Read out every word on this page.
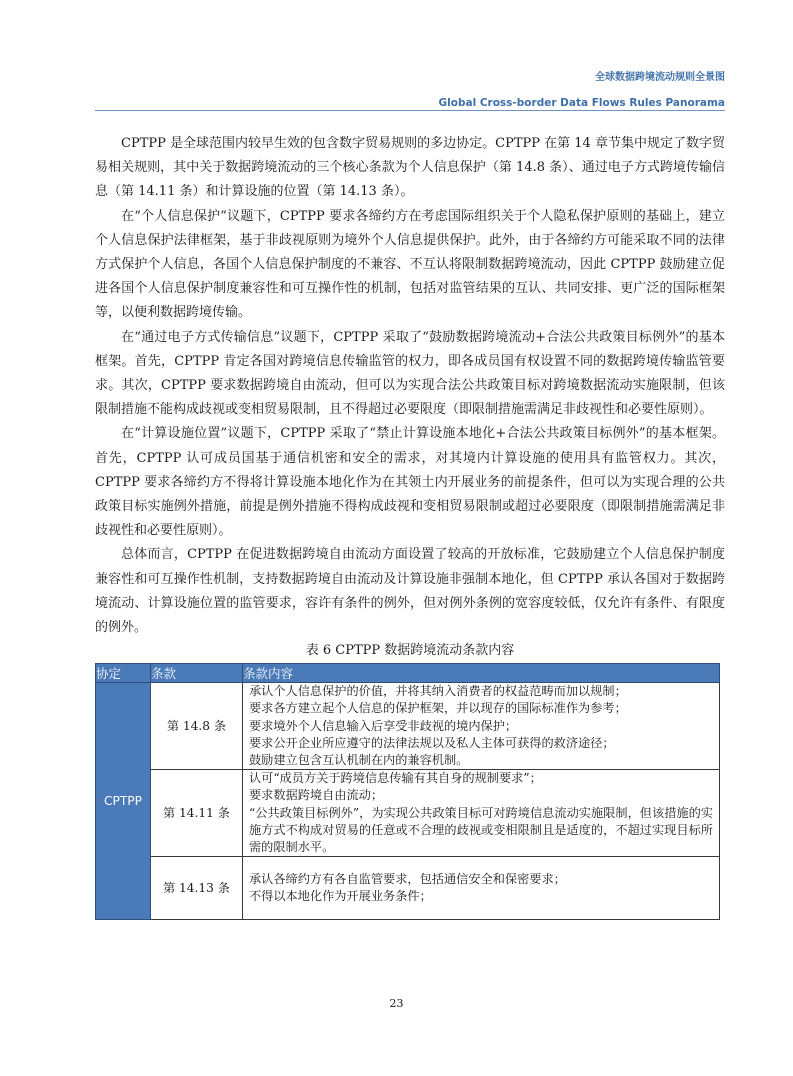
全球数据跨境流动规则全景图
Global Cross-border Data Flows Rules Panorama

CPTPP 是全球范围内较早生效的包含数字贸易规则的多边协定。CPTPP 在第 14 章节集中规定了数字贸易相关规则，其中关于数据跨境流动的三个核心条款为个人信息保护（第 14.8 条）、通过电子方式跨境传输信息（第 14.11 条）和计算设施的位置（第 14.13 条）。

在“个人信息保护”议题下，CPTPP 要求各缔约方在考虑国际组织关于个人隐私保护原则的基础上，建立个人信息保护法律框架，基于非歧视原则为境外个人信息提供保护。此外，由于各缔约方可能采取不同的法律方式保护个人信息，各国个人信息保护制度的不兼容、不互认将限制数据跨境流动，因此 CPTPP 鼓励建立促进各国个人信息保护制度兼容性和可互操作性的机制，包括对监管结果的互认、共同安排、更广泛的国际框架等，以便利数据跨境传输。

在“通过电子方式传输信息”议题下，CPTPP 采取了“鼓励数据跨境流动+合法公共政策目标例外”的基本框架。首先，CPTPP 肯定各国对跨境信息传输监管的权力，即各成员国有权设置不同的数据跨境传输监管要求。其次，CPTPP 要求数据跨境自由流动，但可以为实现合法公共政策目标对跨境数据流动实施限制，但该限制措施不能构成歧视或变相贸易限制，且不得超过必要限度（即限制措施需满足非歧视性和必要性原则）。

在“计算设施位置”议题下，CPTPP 采取了“禁止计算设施本地化+合法公共政策目标例外”的基本框架。首先，CPTPP 认可成员国基于通信机密和安全的需求，对其境内计算设施的使用具有监管权力。其次，CPTPP 要求各缔约方不得将计算设施本地化作为在其领土内开展业务的前提条件，但可以为实现合理的公共政策目标实施例外措施，前提是例外措施不得构成歧视和变相贸易限制或超过必要限度（即限制措施需满足非歧视性和必要性原则）。

总体而言，CPTPP 在促进数据跨境自由流动方面设置了较高的开放标准，它鼓励建立个人信息保护制度兼容性和可互操作性机制，支持数据跨境自由流动及计算设施非强制本地化，但 CPTPP 承认各国对于数据跨境流动、计算设施位置的监管要求，容许有条件的例外，但对例外条例的宽容度较低，仅允许有条件、有限度的例外。

表 6 CPTPP 数据跨境流动条款内容
协定	条款	条款内容
CPTPP	第 14.8 条	承认个人信息保护的价值，并将其纳入消费者的权益范畴而加以规制；
要求各方建立起个人信息的保护框架，并以现存的国际标准作为参考；
要求境外个人信息输入后享受非歧视的境内保护；
要求公开企业所应遵守的法律法规以及私人主体可获得的救济途径；
鼓励建立包含互认机制在内的兼容机制。

	第 14.11 条	认可“成员方关于跨境信息传输有其自身的规制要求”；
要求数据跨境自由流动；
“公共政策目标例外”，为实现公共政策目标可对跨境信息流动实施限制，但该措施的实施方式不构成对贸易的任意或不合理的歧视或变相限制且是适度的，不超过实现目标所需的限制水平。

	第 14.13 条	承认各缔约方有各自监管要求，包括通信安全和保密要求；
不得以本地化作为开展业务条件；
23
